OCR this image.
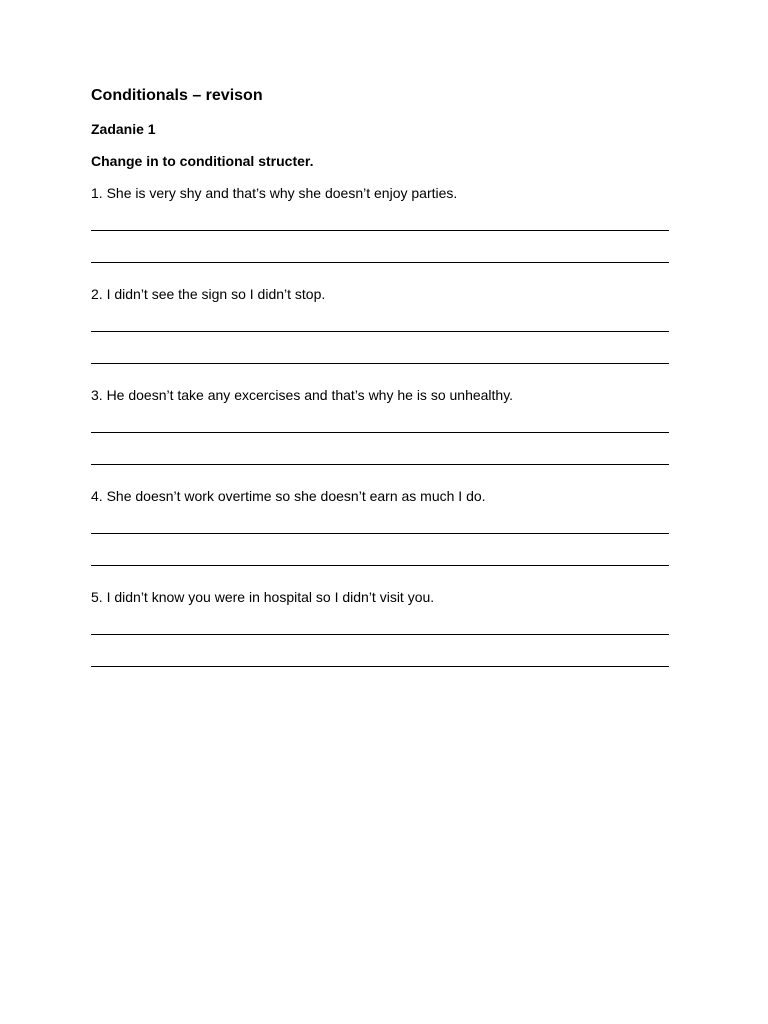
Conditionals – revison
Zadanie 1
Change in to conditional structer.

1. She is very shy and that’s why she doesn’t enjoy parties.

2. I didn’t see the sign so I didn’t stop.

3. He doesn’t take any excercises and that’s why he is so unhealthy.

4. She doesn’t work overtime so she doesn’t earn as much I do.

5. I didn’t know you were in hospital so I didn’t visit you.
